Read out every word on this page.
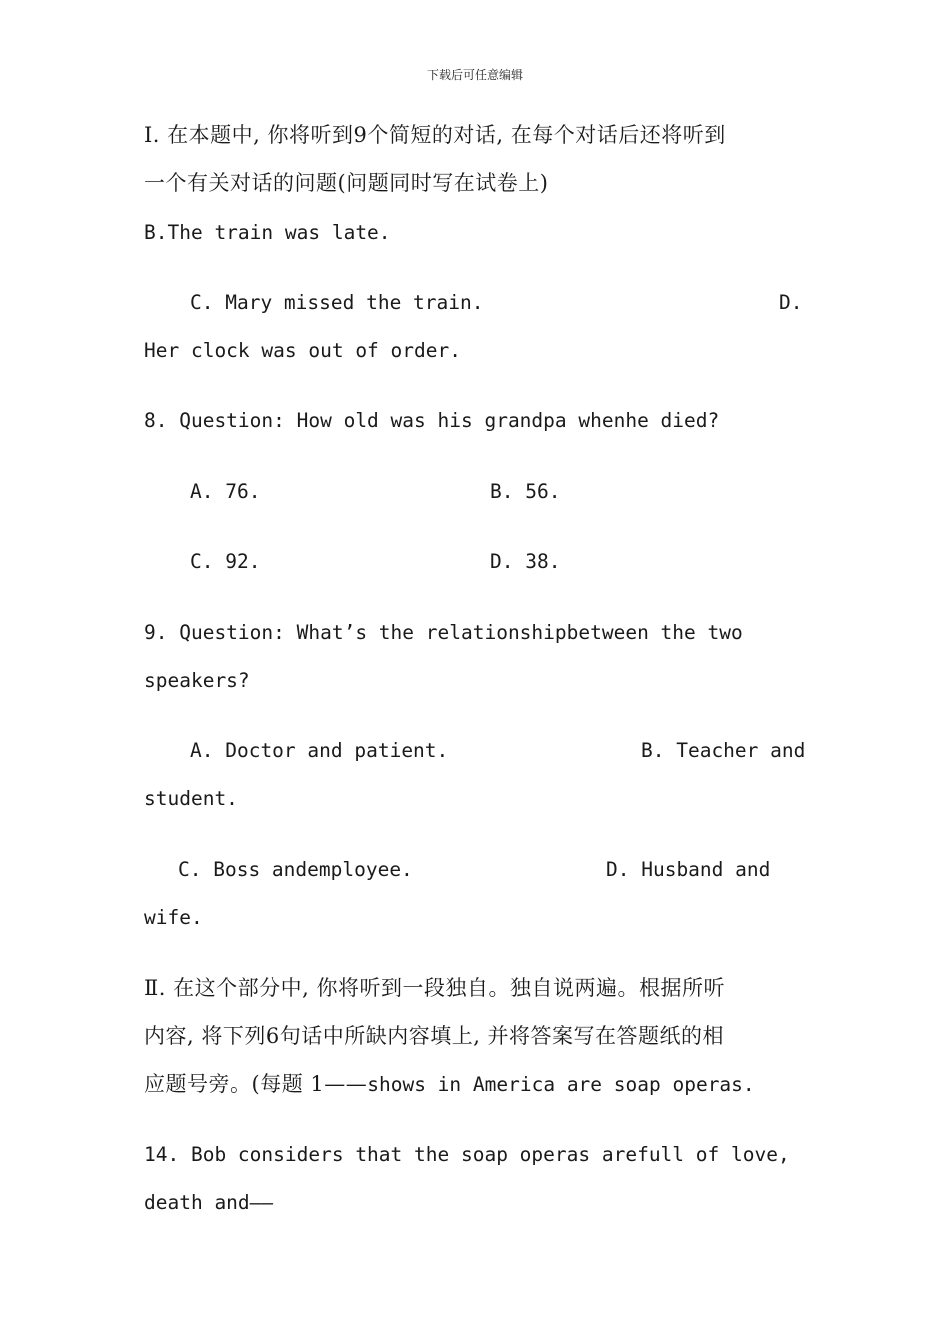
下载后可任意编辑
I. 在本题中, 你将听到9个简短的对话, 在每个对话后还将听到
一个有关对话的问题(问题同时写在试卷上)
B.The train was late.
C. Mary missed the train.	D.
Her clock was out of order.
8. Question: How old was his grandpa whenhe died?
A. 76.	B. 56.
C. 92.	D. 38.
9. Question: What’s the relationshipbetween the two
speakers?
A. Doctor and patient.	B. Teacher and
student.
C. Boss andemployee.	D. Husband and
wife.
Ⅱ. 在这个部分中, 你将听到一段独自。独自说两遍。根据所听
内容, 将下列6句话中所缺内容填上, 并将答案写在答题纸的相
应题号旁。(每题 1——shows in America are soap operas.
14. Bob considers that the soap operas arefull of love,
death and——
